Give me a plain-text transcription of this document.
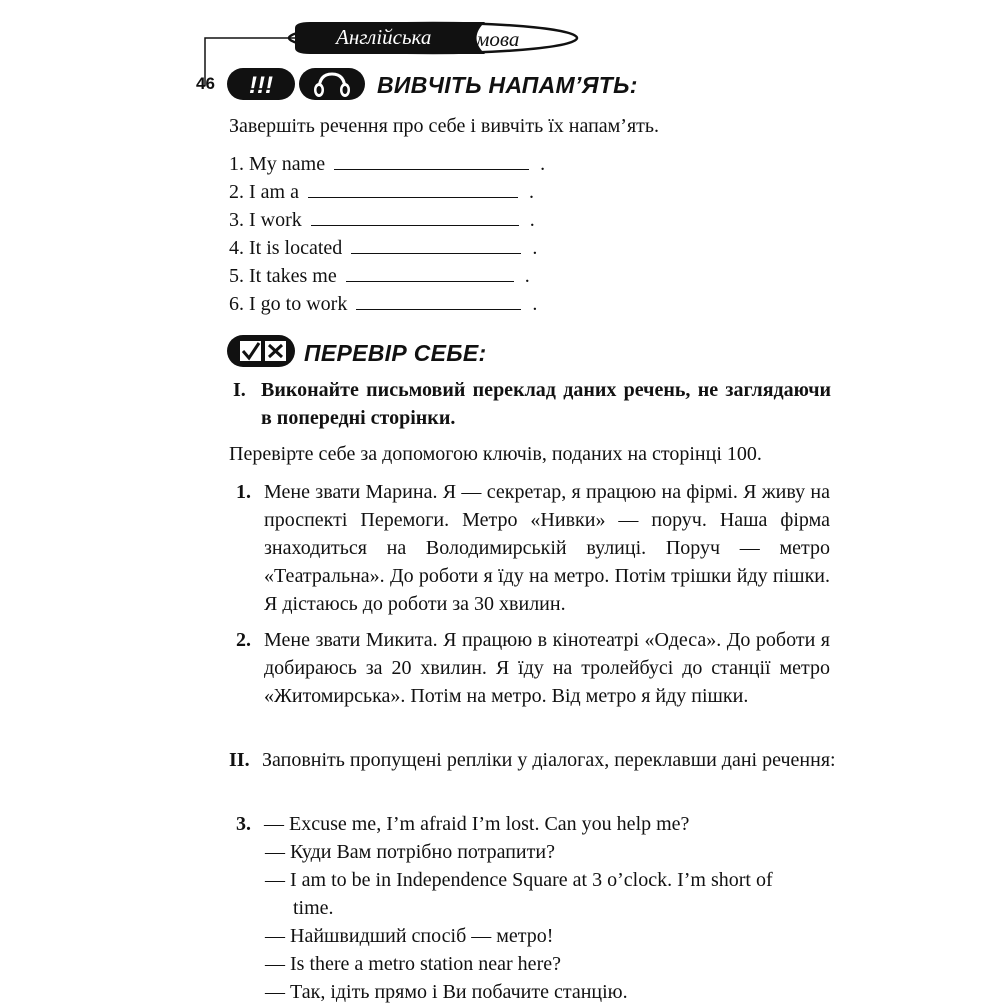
Англійська мова
46 !!!	ВИВЧІТЬ НАПАМ’ЯТЬ:
Завершіть речення про себе і вивчіть їх напам’ять.
1. My name	.
2. I am a	.
3. I work	.
4. It is located	.
5. It takes me	.
6. I go to work	.
ПЕРЕВІР СЕБЕ:
I. Виконайте письмовий переклад даних речень, не заглядаючи в попередні сторінки.
Перевірте себе за допомогою ключів, поданих на сторінці 100.
1. Мене звати Марина. Я — секретар, я працюю на фірмі. Я живу на проспекті Перемоги. Метро «Нивки» — поруч. Наша фірма знаходиться на Володимирській вулиці. Поруч — метро «Театральна». До роботи я їду на метро. Потім трішки йду пішки. Я дістаюсь до роботи за 30 хвилин.
2. Мене звати Микита. Я працюю в кінотеатрі «Одеса». До роботи я добираюсь за 20 хвилин. Я їду на тролейбусі до станції метро «Житомирська». Потім на метро. Від метро я йду пішки.
II. Заповніть пропущені репліки у діалогах, переклавши дані речення:

3. — Excuse me, I’m afraid I’m lost. Can you help me?

— Куди Вам потрібно потрапити?

— I am to be in Independence Square at 3 o’clock. I’m short of time.

— Найшвидший спосіб — метро!

— Is there a metro station near here?

— Так, ідіть прямо і Ви побачите станцію.
